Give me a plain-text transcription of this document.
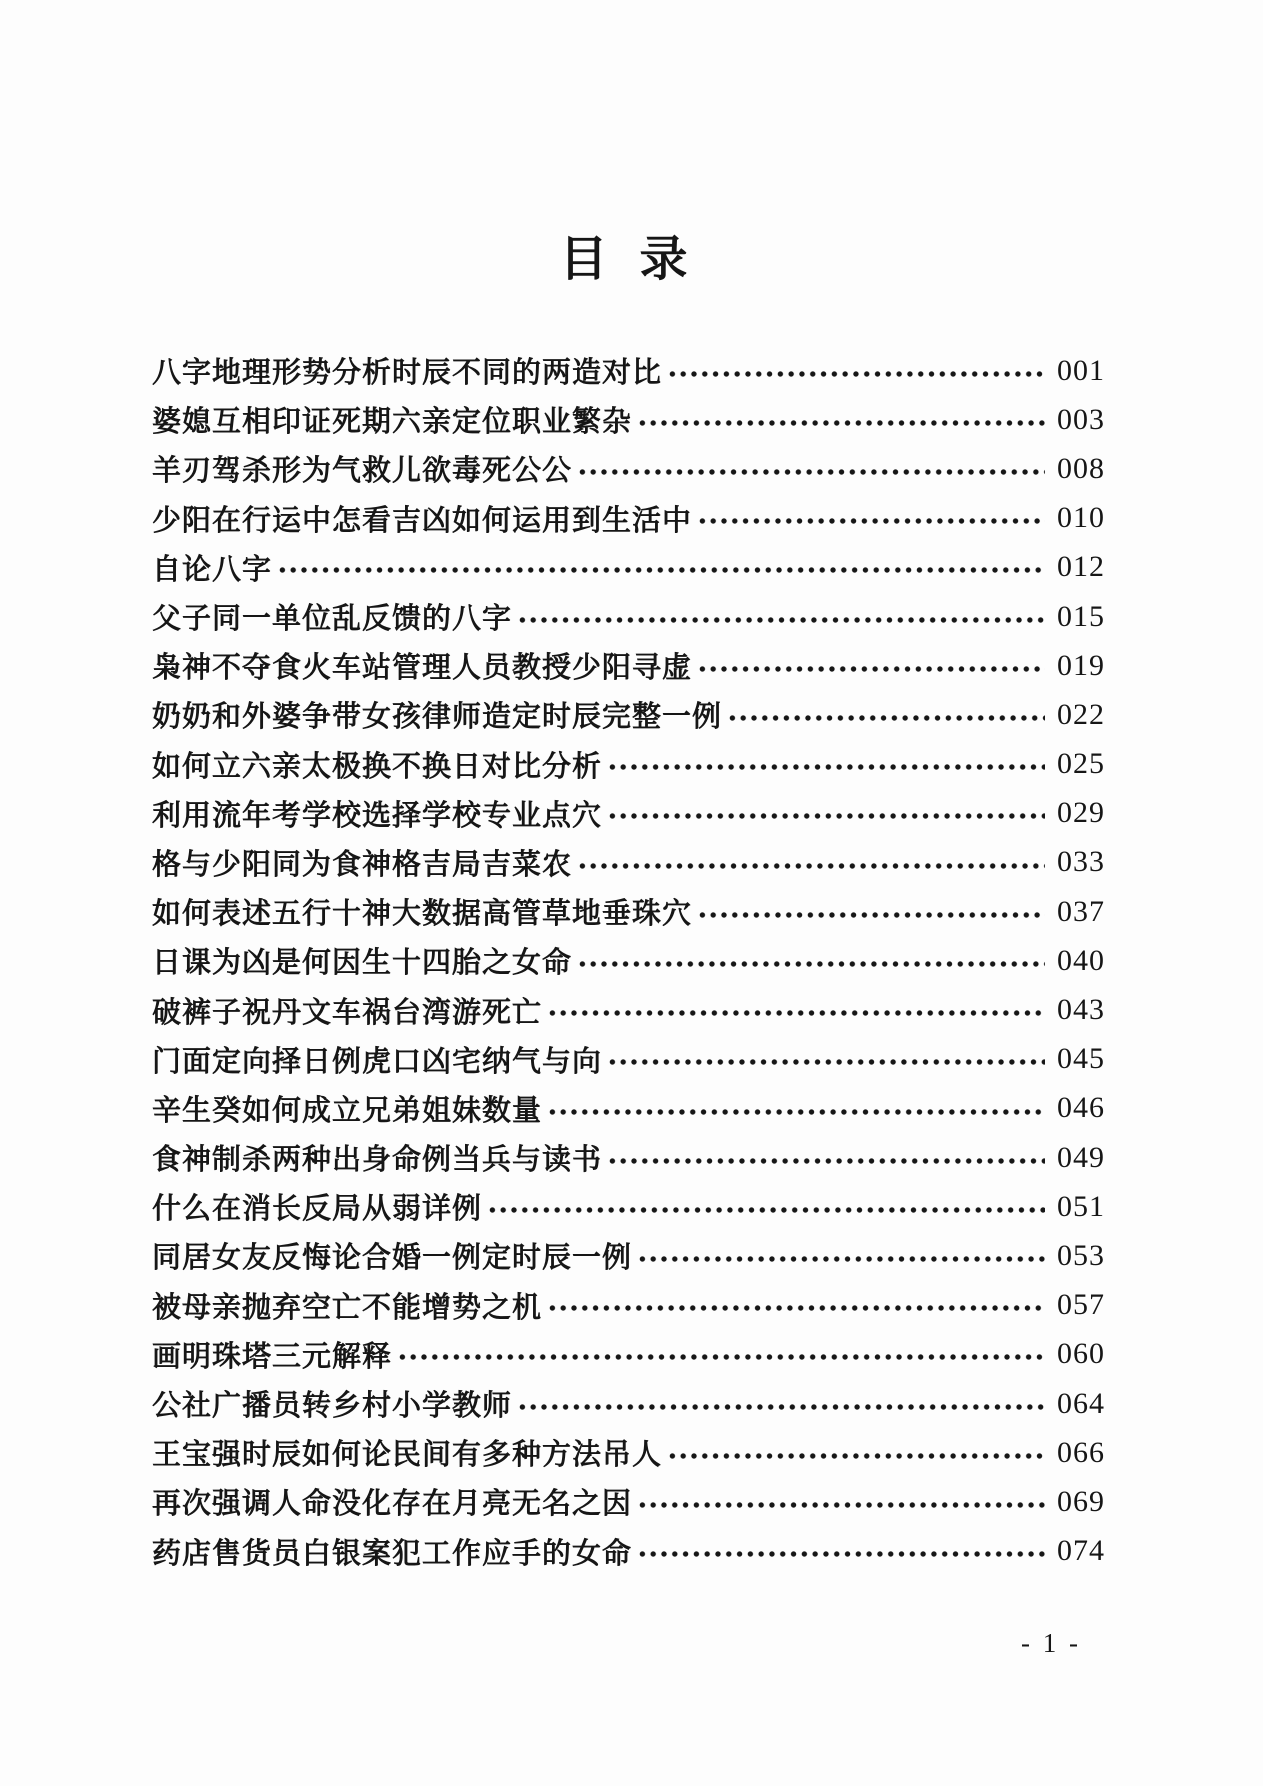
目 录
八字地理形势分析时辰不同的两造对比	001
婆媳互相印证死期六亲定位职业繁杂	003
羊刃驾杀形为气救儿欲毒死公公	008
少阳在行运中怎看吉凶如何运用到生活中	010
自论八字	012
父子同一单位乱反馈的八字	015
枭神不夺食火车站管理人员教授少阳寻虚	019
奶奶和外婆争带女孩律师造定时辰完整一例	022
如何立六亲太极换不换日对比分析	025
利用流年考学校选择学校专业点穴	029
格与少阳同为食神格吉局吉菜农	033
如何表述五行十神大数据高管草地垂珠穴	037
日课为凶是何因生十四胎之女命	040
破裤子祝丹文车祸台湾游死亡	043
门面定向择日例虎口凶宅纳气与向	045
辛生癸如何成立兄弟姐妹数量	046
食神制杀两种出身命例当兵与读书	049
什么在消长反局从弱详例	051
同居女友反悔论合婚一例定时辰一例	053
被母亲抛弃空亡不能增势之机	057
画明珠塔三元解释	060
公社广播员转乡村小学教师	064
王宝强时辰如何论民间有多种方法吊人	066
再次强调人命没化存在月亮无名之因	069
药店售货员白银案犯工作应手的女命	074
- 1 -
